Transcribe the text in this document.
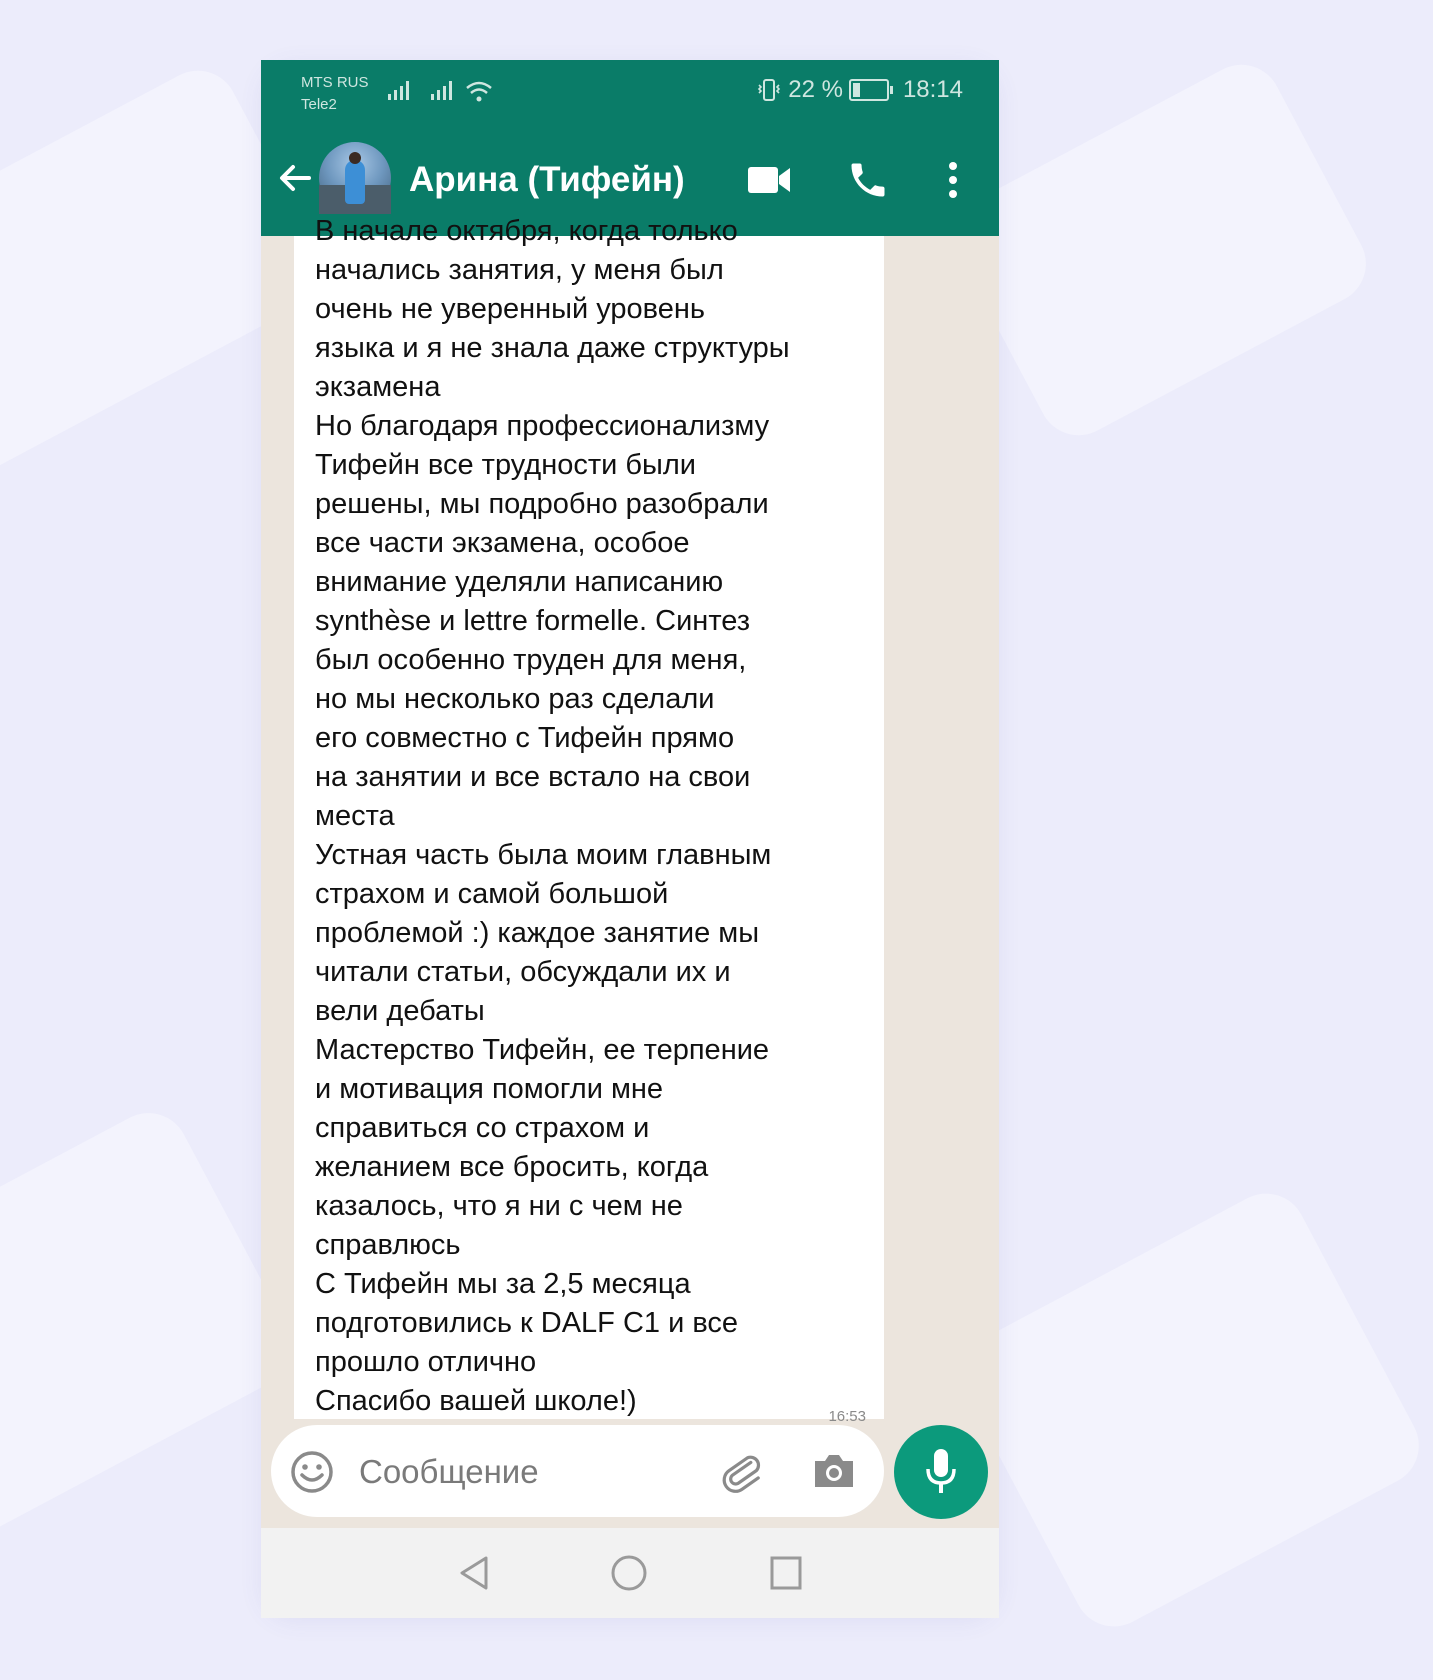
MTS RUS
Tele2
22 %	18:14
Арина (Тифейн)
В начале октября, когда только
начались занятия, у меня был
очень не уверенный уровень
языка и я не знала даже структуры
экзамена
Но благодаря профессионализму
Тифейн все трудности были
решены, мы подробно разобрали
все части экзамена, особое
внимание уделяли написанию
synthèse и lettre formelle. Синтез
был особенно труден для меня,
но мы несколько раз сделали
его совместно с Тифейн прямо
на занятии и все встало на свои
места
Устная часть была моим главным
страхом и самой большой
проблемой :) каждое занятие мы
читали статьи, обсуждали их и
вели дебаты
Мастерство Тифейн, ее терпение
и мотивация помогли мне
справиться со страхом и
желанием все бросить, когда
казалось, что я ни с чем не
справлюсь
С Тифейн мы за 2,5 месяца
подготовились к DALF C1 и все
прошло отлично
Спасибо вашей школе!)	16:53
Сообщение
